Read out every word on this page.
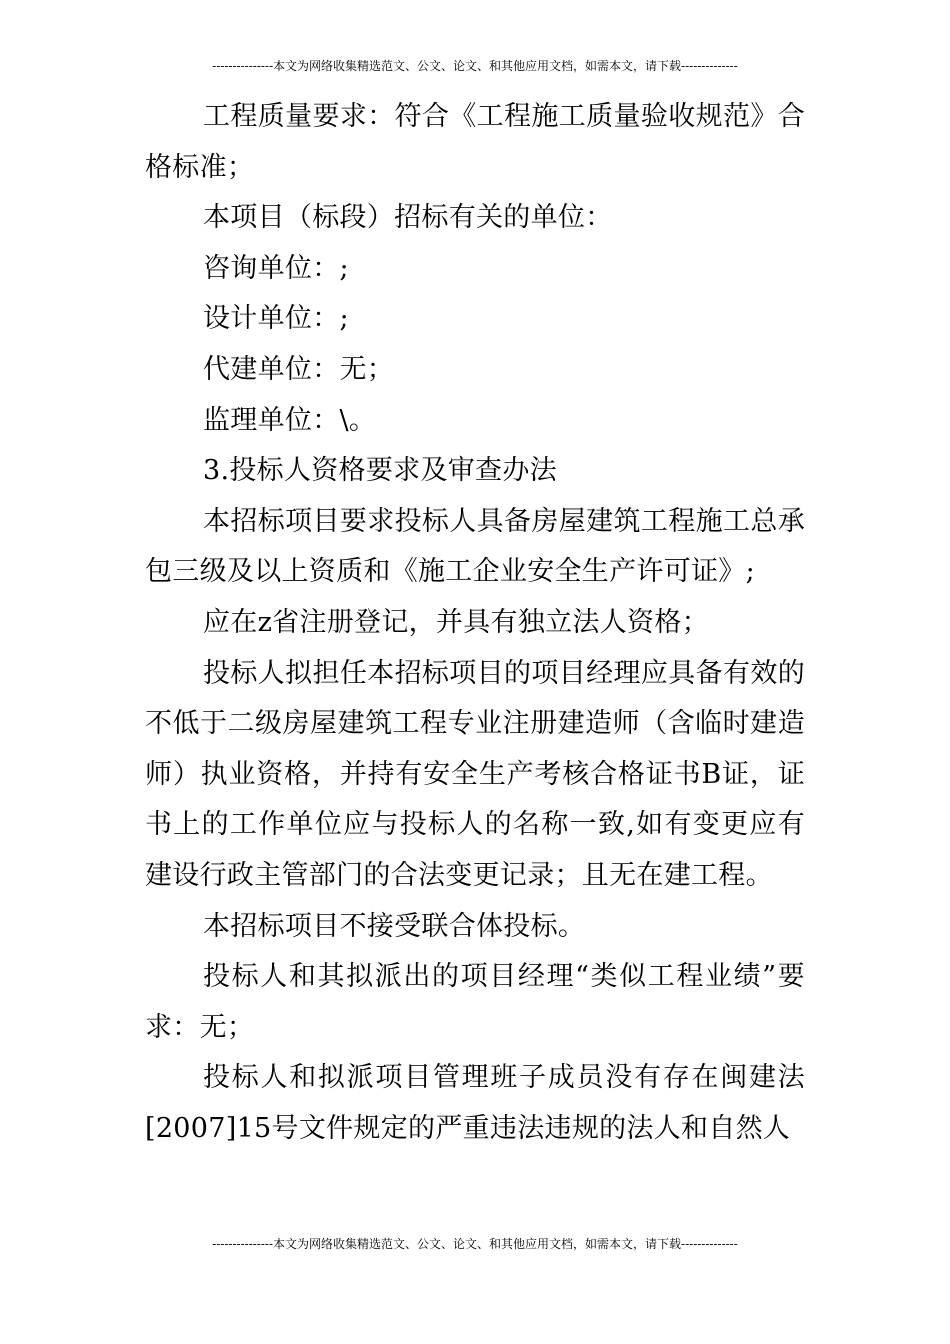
---------------本文为网络收集精选范文、公文、论文、和其他应用文档，如需本文，请下载--------------

工程质量要求：符合《工程施工质量验收规范》合格标准；

本项目（标段）招标有关的单位：

咨询单位：;

设计单位：;

代建单位：无；

监理单位：\。

3.投标人资格要求及审查办法

本招标项目要求投标人具备房屋建筑工程施工总承包三级及以上资质和《施工企业安全生产许可证》;

应在z省注册登记，并具有独立法人资格；

投标人拟担任本招标项目的项目经理应具备有效的不低于二级房屋建筑工程专业注册建造师（含临时建造师）执业资格，并持有安全生产考核合格证书B证，证书上的工作单位应与投标人的名称一致,如有变更应有建设行政主管部门的合法变更记录；且无在建工程。

本招标项目不接受联合体投标。

投标人和其拟派出的项目经理“类似工程业绩”要求：无；

投标人和拟派项目管理班子成员没有存在闽建法[2007]15号文件规定的严重违法违规的法人和自然人

---------------本文为网络收集精选范文、公文、论文、和其他应用文档，如需本文，请下载--------------
